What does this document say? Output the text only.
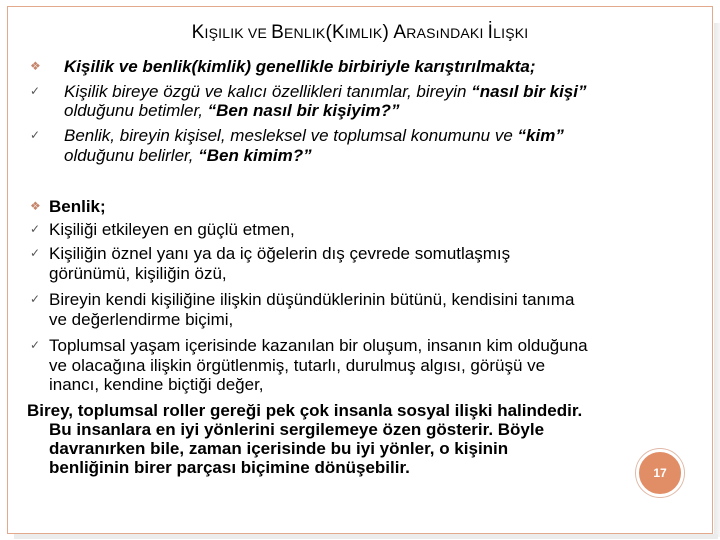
KIŞILIK VE BENLIK(KIMLIK) ARASıNDAKI İLIŞKI
❖ Kişilik ve benlik(kimlik) genellikle birbiriyle karıştırılmakta;
✓ Kişilik bireye özgü ve kalıcı özellikleri tanımlar, bireyin “nasıl bir kişi”
olduğunu betimler, “Ben nasıl bir kişiyim?”
✓ Benlik, bireyin kişisel, mesleksel ve toplumsal konumunu ve “kim”
olduğunu belirler, “Ben kimim?”
❖ Benlik;
✓ Kişiliği etkileyen en güçlü etmen,
✓ Kişiliğin öznel yanı ya da iç öğelerin dış çevrede somutlaşmış
görünümü, kişiliğin özü,
✓ Bireyin kendi kişiliğine ilişkin düşündüklerinin bütünü, kendisini tanıma
ve değerlendirme biçimi,
✓ Toplumsal yaşam içerisinde kazanılan bir oluşum, insanın kim olduğuna
ve olacağına ilişkin örgütlenmiş, tutarlı, durulmuş algısı, görüşü ve
inancı, kendine biçtiği değer,
Birey, toplumsal roller gereği pek çok insanla sosyal ilişki halindedir.
Bu insanlara en iyi yönlerini sergilemeye özen gösterir. Böyle
davranırken bile, zaman içerisinde bu iyi yönler, o kişinin
benliğinin birer parçası biçimine dönüşebilir.	17
